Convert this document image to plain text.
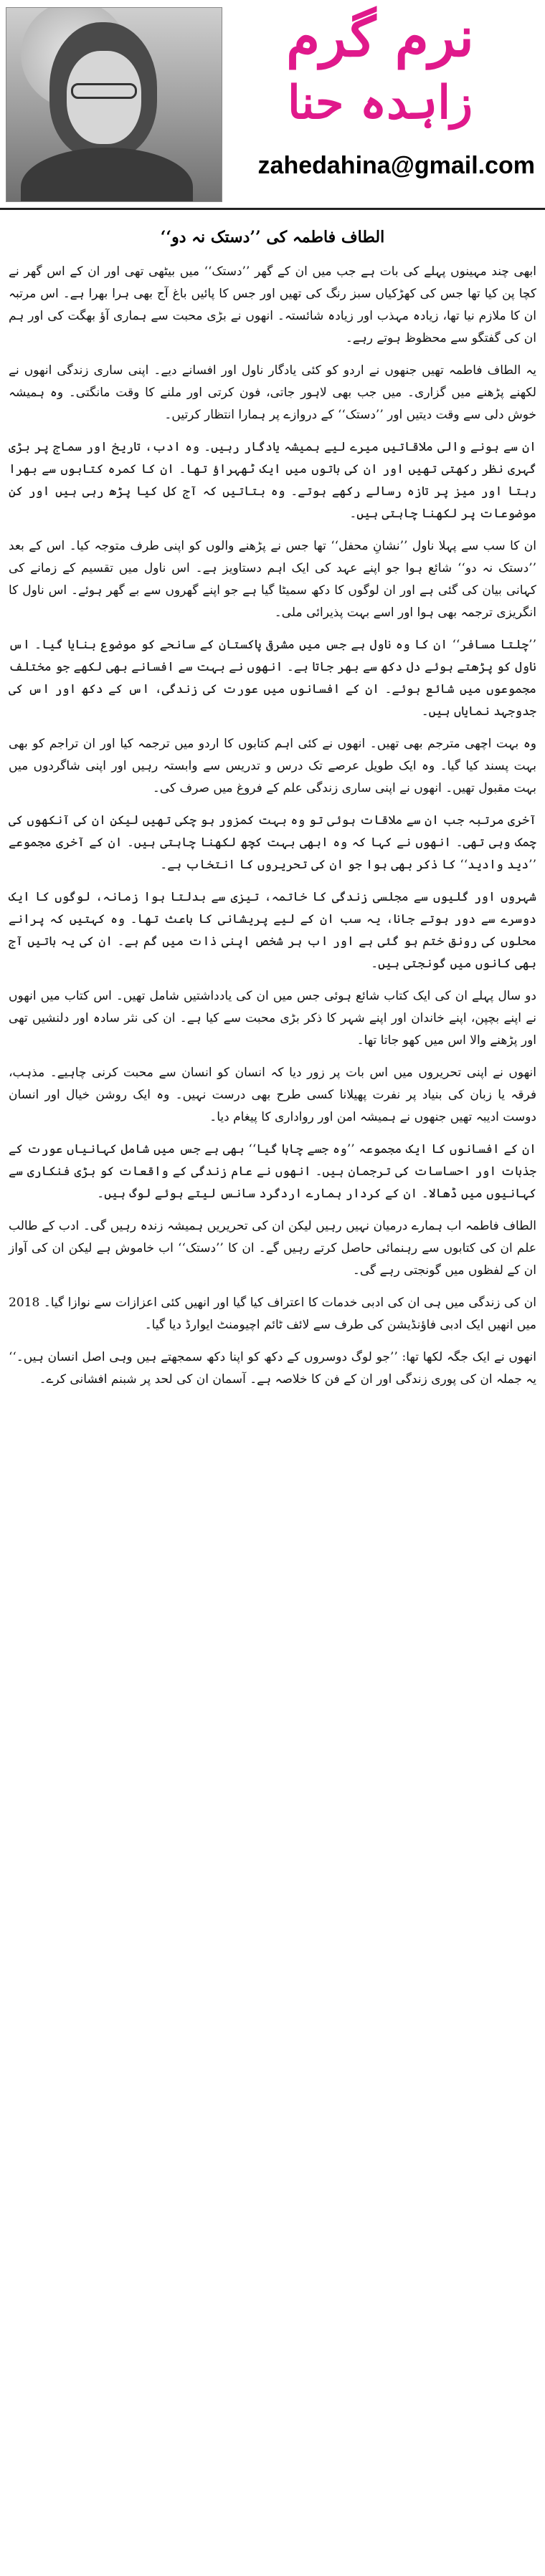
نرم گرم
زاہدہ حنا
zahedahina@gmail.com
الطاف فاطمہ کی ’’دستک نہ دو‘‘

ابھی چند مہینوں پہلے کی بات ہے جب میں ان کے گھر ’’دستک‘‘ میں بیٹھی تھی اور ان کے اس گھر نے کچا پن کیا تھا جس کی کھڑکیاں سبز رنگ کی تھیں اور جس کا پائیں باغ آج بھی ہرا بھرا ہے۔ اس مرتبہ ان کا ملازم نیا تھا، زیادہ مہذب اور زیادہ شائستہ۔ انھوں نے بڑی محبت سے ہماری آؤ بھگت کی اور ہم ان کی گفتگو سے محظوظ ہوتے رہے۔

یہ الطاف فاطمہ تھیں جنھوں نے اردو کو کئی یادگار ناول اور افسانے دیے۔ اپنی ساری زندگی انھوں نے لکھنے پڑھنے میں گزاری۔ میں جب بھی لاہور جاتی، فون کرتی اور ملنے کا وقت مانگتی۔ وہ ہمیشہ خوش دلی سے وقت دیتیں اور ’’دستک‘‘ کے دروازے پر ہمارا انتظار کرتیں۔

ان سے ہونے والی ملاقاتیں میرے لیے ہمیشہ یادگار رہیں۔ وہ ادب، تاریخ اور سماج پر بڑی گہری نظر رکھتی تھیں اور ان کی باتوں میں ایک ٹھہراؤ تھا۔ ان کا کمرہ کتابوں سے بھرا رہتا اور میز پر تازہ رسالے رکھے ہوتے۔ وہ بتاتیں کہ آج کل کیا پڑھ رہی ہیں اور کن موضوعات پر لکھنا چاہتی ہیں۔

ان کا سب سے پہلا ناول ’’نشانِ محفل‘‘ تھا جس نے پڑھنے والوں کو اپنی طرف متوجہ کیا۔ اس کے بعد ’’دستک نہ دو‘‘ شائع ہوا جو اپنے عہد کی ایک اہم دستاویز ہے۔ اس ناول میں تقسیم کے زمانے کی کہانی بیان کی گئی ہے اور ان لوگوں کا دکھ سمیٹا گیا ہے جو اپنے گھروں سے بے گھر ہوئے۔ اس ناول کا انگریزی ترجمہ بھی ہوا اور اسے بہت پذیرائی ملی۔

’’چلتا مسافر‘‘ ان کا وہ ناول ہے جس میں مشرقی پاکستان کے سانحے کو موضوع بنایا گیا۔ اس ناول کو پڑھتے ہوئے دل دکھ سے بھر جاتا ہے۔ انھوں نے بہت سے افسانے بھی لکھے جو مختلف مجموعوں میں شائع ہوئے۔ ان کے افسانوں میں عورت کی زندگی، اس کے دکھ اور اس کی جدوجہد نمایاں ہیں۔

وہ بہت اچھی مترجم بھی تھیں۔ انھوں نے کئی اہم کتابوں کا اردو میں ترجمہ کیا اور ان تراجم کو بھی بہت پسند کیا گیا۔ وہ ایک طویل عرصے تک درس و تدریس سے وابستہ رہیں اور اپنی شاگردوں میں بہت مقبول تھیں۔ انھوں نے اپنی ساری زندگی علم کے فروغ میں صرف کی۔

آخری مرتبہ جب ان سے ملاقات ہوئی تو وہ بہت کمزور ہو چکی تھیں لیکن ان کی آنکھوں کی چمک وہی تھی۔ انھوں نے کہا کہ وہ ابھی بہت کچھ لکھنا چاہتی ہیں۔ ان کے آخری مجموعے ’’دید وادید‘‘ کا ذکر بھی ہوا جو ان کی تحریروں کا انتخاب ہے۔

شہروں اور گلیوں سے مجلسی زندگی کا خاتمہ، تیزی سے بدلتا ہوا زمانہ، لوگوں کا ایک دوسرے سے دور ہوتے جانا، یہ سب ان کے لیے پریشانی کا باعث تھا۔ وہ کہتیں کہ پرانے محلوں کی رونق ختم ہو گئی ہے اور اب ہر شخص اپنی ذات میں گم ہے۔ ان کی یہ باتیں آج بھی کانوں میں گونجتی ہیں۔

دو سال پہلے ان کی ایک کتاب شائع ہوئی جس میں ان کی یادداشتیں شامل تھیں۔ اس کتاب میں انھوں نے اپنے بچپن، اپنے خاندان اور اپنے شہر کا ذکر بڑی محبت سے کیا ہے۔ ان کی نثر سادہ اور دلنشیں تھی اور پڑھنے والا اس میں کھو جاتا تھا۔

انھوں نے اپنی تحریروں میں اس بات پر زور دیا کہ انسان کو انسان سے محبت کرنی چاہیے۔ مذہب، فرقہ یا زبان کی بنیاد پر نفرت پھیلانا کسی طرح بھی درست نہیں۔ وہ ایک روشن خیال اور انسان دوست ادیبہ تھیں جنھوں نے ہمیشہ امن اور رواداری کا پیغام دیا۔

ان کے افسانوں کا ایک مجموعہ ’’وہ جسے چاہا گیا‘‘ بھی ہے جس میں شامل کہانیاں عورت کے جذبات اور احساسات کی ترجمان ہیں۔ انھوں نے عام زندگی کے واقعات کو بڑی فنکاری سے کہانیوں میں ڈھالا۔ ان کے کردار ہمارے اردگرد سانس لیتے ہوئے لوگ ہیں۔

الطاف فاطمہ اب ہمارے درمیان نہیں رہیں لیکن ان کی تحریریں ہمیشہ زندہ رہیں گی۔ ادب کے طالب علم ان کی کتابوں سے رہنمائی حاصل کرتے رہیں گے۔ ان کا ’’دستک‘‘ اب خاموش ہے لیکن ان کی آواز ان کے لفظوں میں گونجتی رہے گی۔

ان کی زندگی میں ہی ان کی ادبی خدمات کا اعتراف کیا گیا اور انھیں کئی اعزازات سے نوازا گیا۔ 2018 میں انھیں ایک ادبی فاؤنڈیشن کی طرف سے لائف ٹائم اچیومنٹ ایوارڈ دیا گیا۔

انھوں نے ایک جگہ لکھا تھا: ’’جو لوگ دوسروں کے دکھ کو اپنا دکھ سمجھتے ہیں وہی اصل انسان ہیں۔‘‘ یہ جملہ ان کی پوری زندگی اور ان کے فن کا خلاصہ ہے۔ آسمان ان کی لحد پر شبنم افشانی کرے۔
